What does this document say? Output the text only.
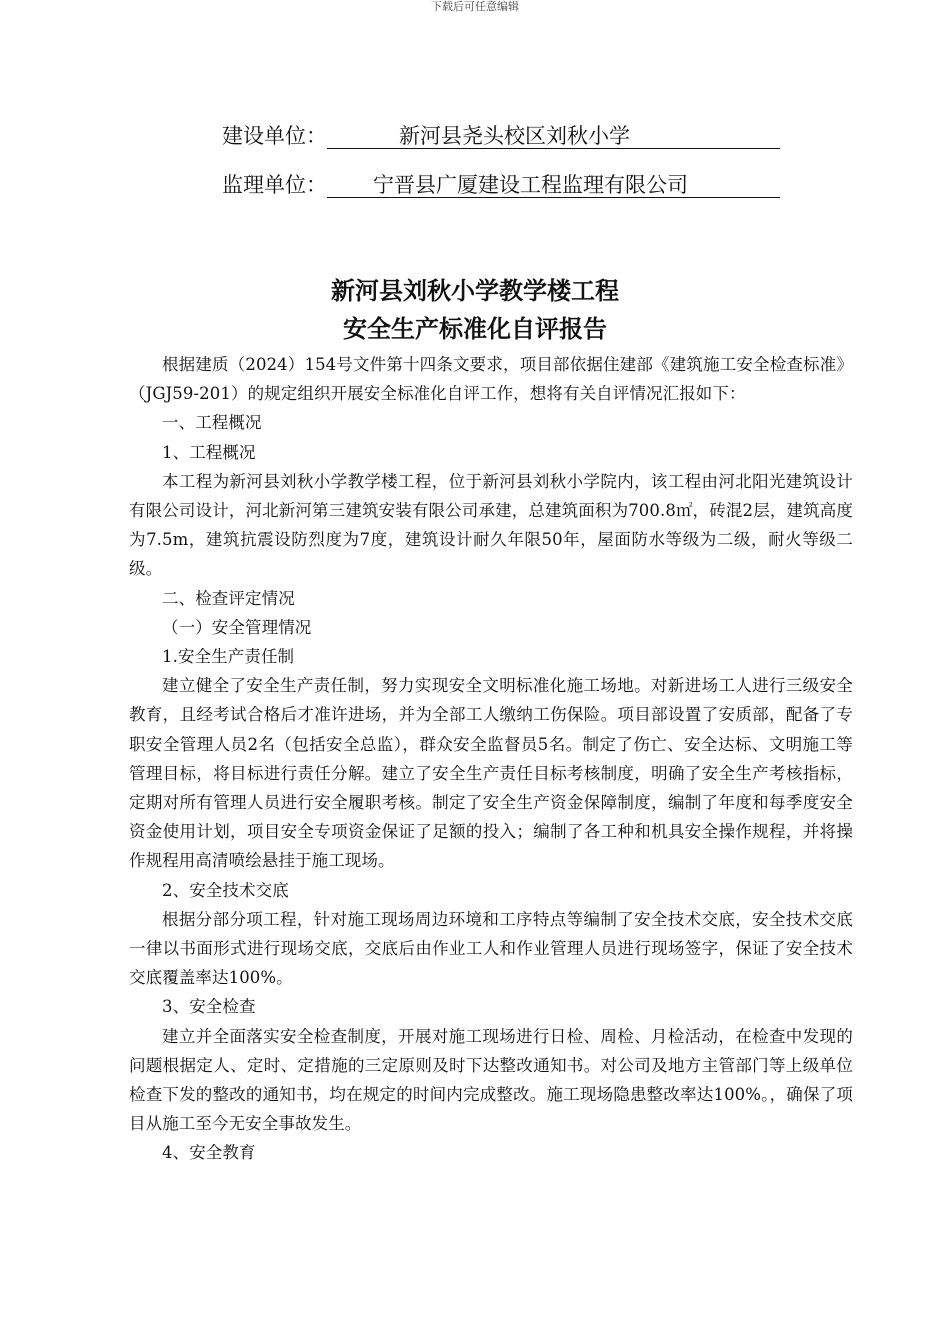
下载后可任意编辑
建设单位：	新河县尧头校区刘秋小学
监理单位：	宁晋县广厦建设工程监理有限公司
新河县刘秋小学教学楼工程
安全生产标准化自评报告

根据建质（2024）154号文件第十四条文要求，项目部依据住建部《建筑施工安全检查标准》（JGJ59-201）的规定组织开展安全标准化自评工作，想将有关自评情况汇报如下：

一、工程概况

1、工程概况

本工程为新河县刘秋小学教学楼工程，位于新河县刘秋小学院内，该工程由河北阳光建筑设计有限公司设计，河北新河第三建筑安装有限公司承建，总建筑面积为700.8㎡，砖混2层，建筑高度为7.5m，建筑抗震设防烈度为7度，建筑设计耐久年限50年，屋面防水等级为二级，耐火等级二级。

二、检查评定情况

（一）安全管理情况

1.安全生产责任制

建立健全了安全生产责任制，努力实现安全文明标准化施工场地。对新进场工人进行三级安全教育，且经考试合格后才准许进场，并为全部工人缴纳工伤保险。项目部设置了安质部，配备了专职安全管理人员2名（包括安全总监），群众安全监督员5名。制定了伤亡、安全达标、文明施工等管理目标，将目标进行责任分解。建立了安全生产责任目标考核制度，明确了安全生产考核指标，定期对所有管理人员进行安全履职考核。制定了安全生产资金保障制度，编制了年度和每季度安全资金使用计划，项目安全专项资金保证了足额的投入；编制了各工种和机具安全操作规程，并将操作规程用高清喷绘悬挂于施工现场。

2、安全技术交底

根据分部分项工程，针对施工现场周边环境和工序特点等编制了安全技术交底，安全技术交底一律以书面形式进行现场交底，交底后由作业工人和作业管理人员进行现场签字，保证了安全技术交底覆盖率达100%。

3、安全检查

建立并全面落实安全检查制度，开展对施工现场进行日检、周检、月检活动，在检查中发现的问题根据定人、定时、定措施的三定原则及时下达整改通知书。对公司及地方主管部门等上级单位检查下发的整改的通知书，均在规定的时间内完成整改。施工现场隐患整改率达100%。，确保了项目从施工至今无安全事故发生。

4、安全教育
